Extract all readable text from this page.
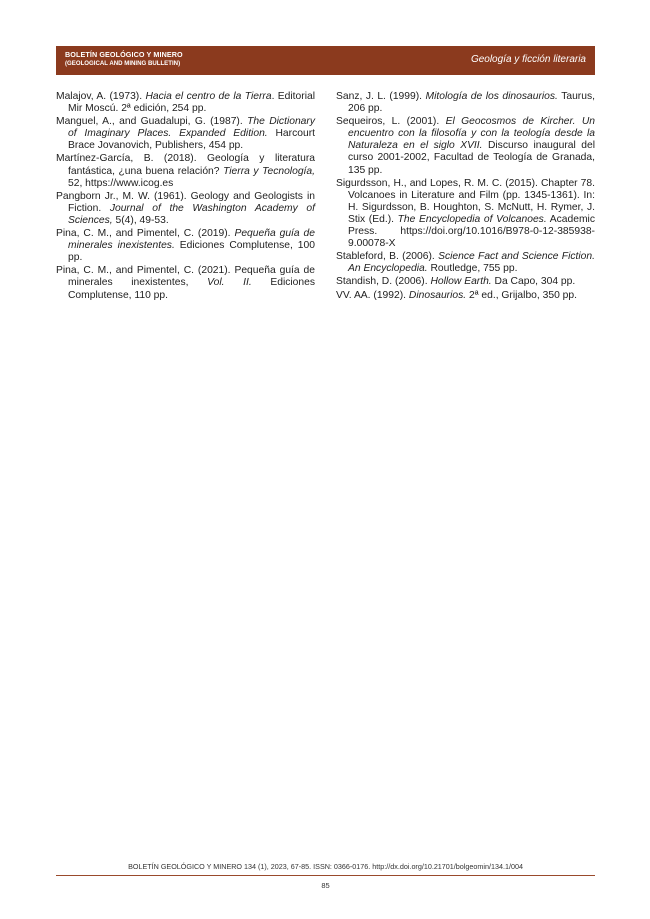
BOLETÍN GEOLÓGICO Y MINERO
(GEOLOGICAL AND MINING BULLETIN)	Geología y ficción literaria

Malajov, A. (1973). Hacia el centro de la Tierra. Editorial Mir Moscú. 2ª edición, 254 pp.

Manguel, A., and Guadalupi, G. (1987). The Dictionary of Imaginary Places. Expanded Edition. Harcourt Brace Jovanovich, Publishers, 454 pp.

Martínez-García, B. (2018). Geología y literatura fantástica, ¿una buena relación? Tierra y Tecnología, 52, https://www.icog.es

Pangborn Jr., M. W. (1961). Geology and Geologists in Fiction. Journal of the Washington Academy of Sciences, 5(4), 49-53.

Pina, C. M., and Pimentel, C. (2019). Pequeña guía de minerales inexistentes. Ediciones Complutense, 100 pp.

Pina, C. M., and Pimentel, C. (2021). Pequeña guía de minerales inexistentes, Vol. II. Ediciones Complutense, 110 pp.

Sanz, J. L. (1999). Mitología de los dinosaurios. Taurus, 206 pp.

Sequeiros, L. (2001). El Geocosmos de Kircher. Un encuentro con la filosofía y con la teología desde la Naturaleza en el siglo XVII. Discurso inaugural del curso 2001-2002, Facultad de Teología de Granada, 135 pp.

Sigurdsson, H., and Lopes, R. M. C. (2015). Chapter 78. Volcanoes in Literature and Film (pp. 1345-1361). In: H. Sigurdsson, B. Houghton, S. McNutt, H. Rymer, J. Stix (Ed.). The Encyclopedia of Volcanoes. Academic Press. https://doi.org/10.1016/B978-0-12-385938-9.00078-X

Stableford, B. (2006). Science Fact and Science Fiction. An Encyclopedia. Routledge, 755 pp.

Standish, D. (2006). Hollow Earth. Da Capo, 304 pp.

VV. AA. (1992). Dinosaurios. 2ª ed., Grijalbo, 350 pp.

BOLETÍN GEOLÓGICO Y MINERO 134 (1), 2023, 67-85. ISSN: 0366-0176. http://dx.doi.org/10.21701/bolgeomin/134.1/004
85
